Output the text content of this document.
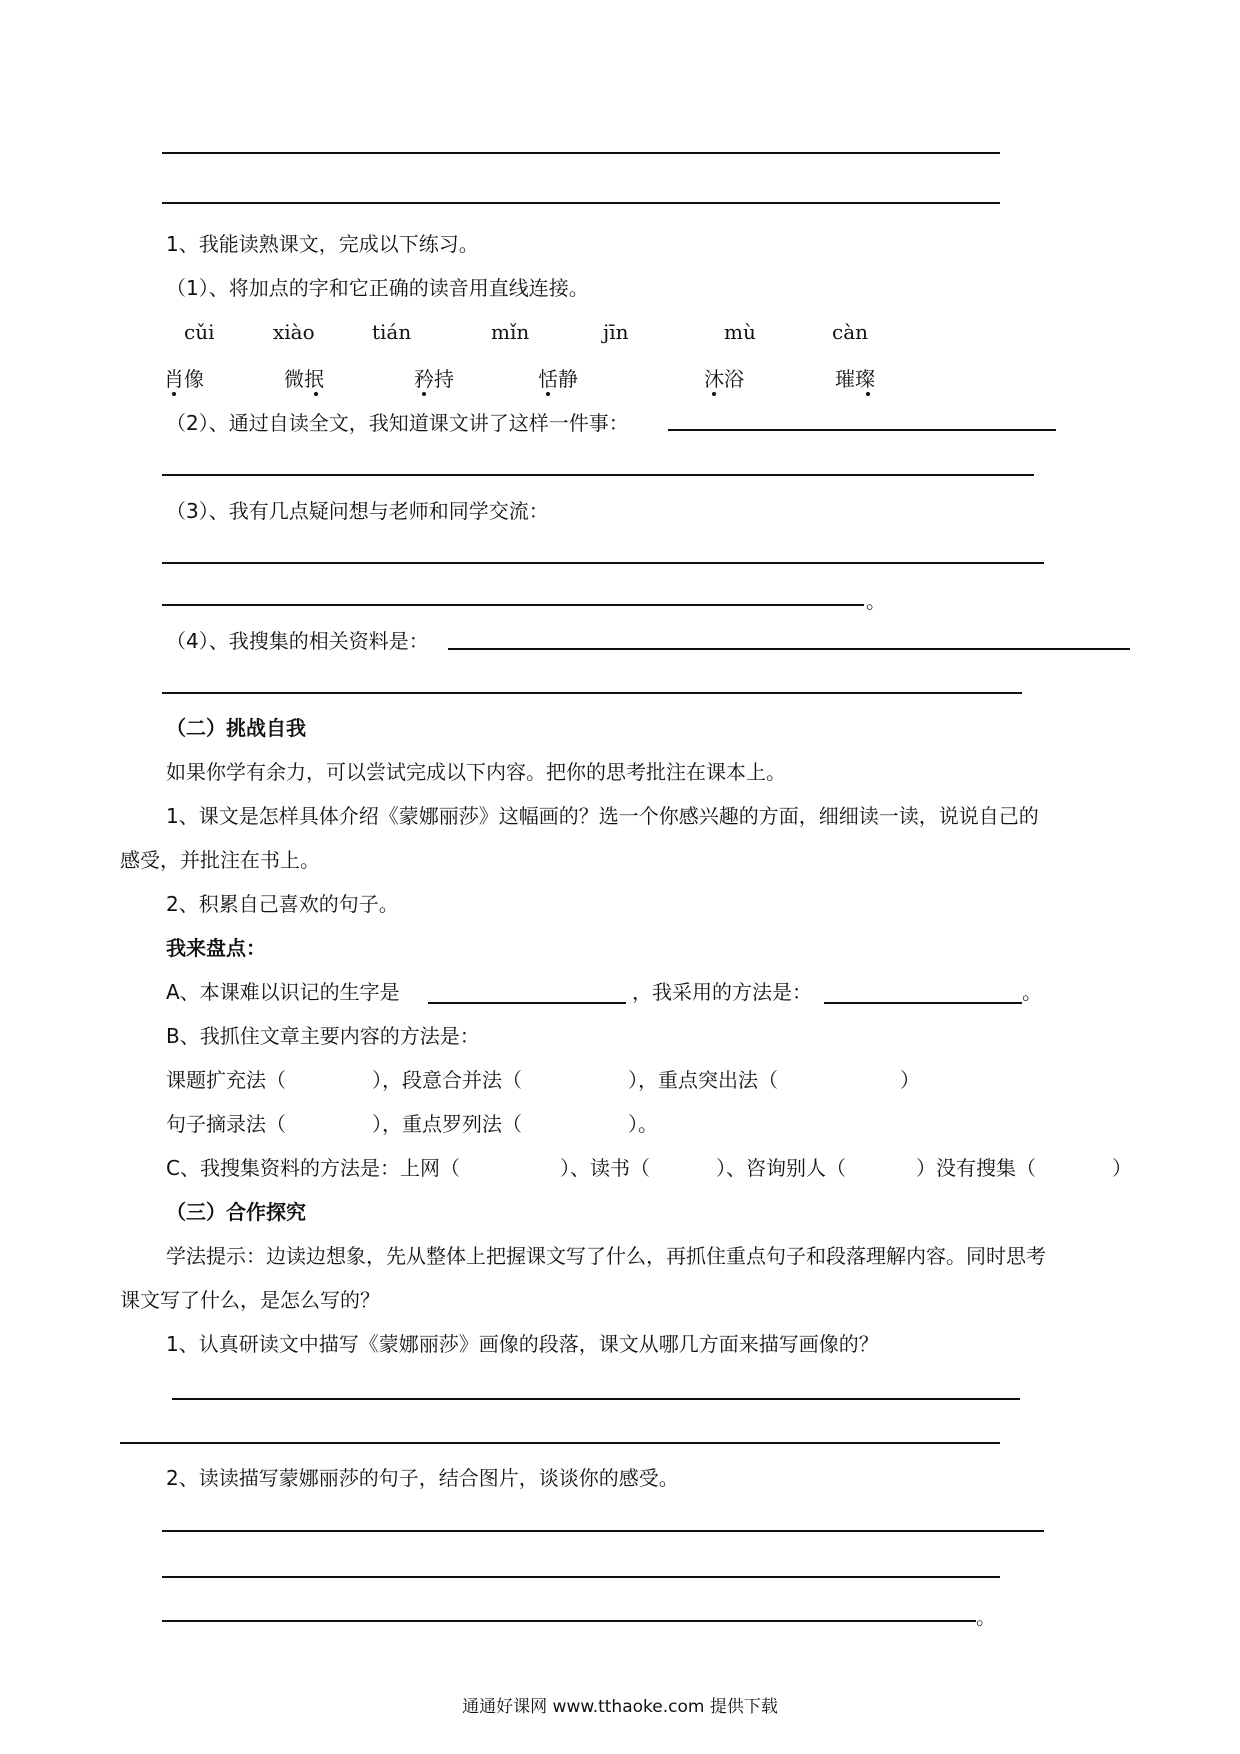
1、我能读熟课文，完成以下练习。
（1）、将加点的字和它正确的读音用直线连接。
cǔi	xiào	tián	mǐn	jīn	mù	càn
肖像	微抿	矜持	恬静	沐浴	璀璨
（2）、通过自读全文，我知道课文讲了这样一件事：
（3）、我有几点疑问想与老师和同学交流：
。
（4）、我搜集的相关资料是：
（二）挑战自我
如果你学有余力，可以尝试完成以下内容。把你的思考批注在课本上。
1、课文是怎样具体介绍《蒙娜丽莎》这幅画的？选一个你感兴趣的方面，细细读一读，说说自己的
感受，并批注在书上。
2、积累自己喜欢的句子。
我来盘点：
A、本课难以识记的生字是	，我采用的方法是：	。
B、我抓住文章主要内容的方法是：
课题扩充法（	），段意合并法（	），重点突出法（	）
句子摘录法（	），重点罗列法（	）。
C、我搜集资料的方法是：上网（	）、读书（	）、咨询别人（	）没有搜集（	）
（三）合作探究
学法提示：边读边想象，先从整体上把握课文写了什么，再抓住重点句子和段落理解内容。同时思考
课文写了什么，是怎么写的？
1、认真研读文中描写《蒙娜丽莎》画像的段落，课文从哪几方面来描写画像的？
2、读读描写蒙娜丽莎的句子，结合图片，谈谈你的感受。
。
通通好课网 www.tthaoke.com 提供下载
